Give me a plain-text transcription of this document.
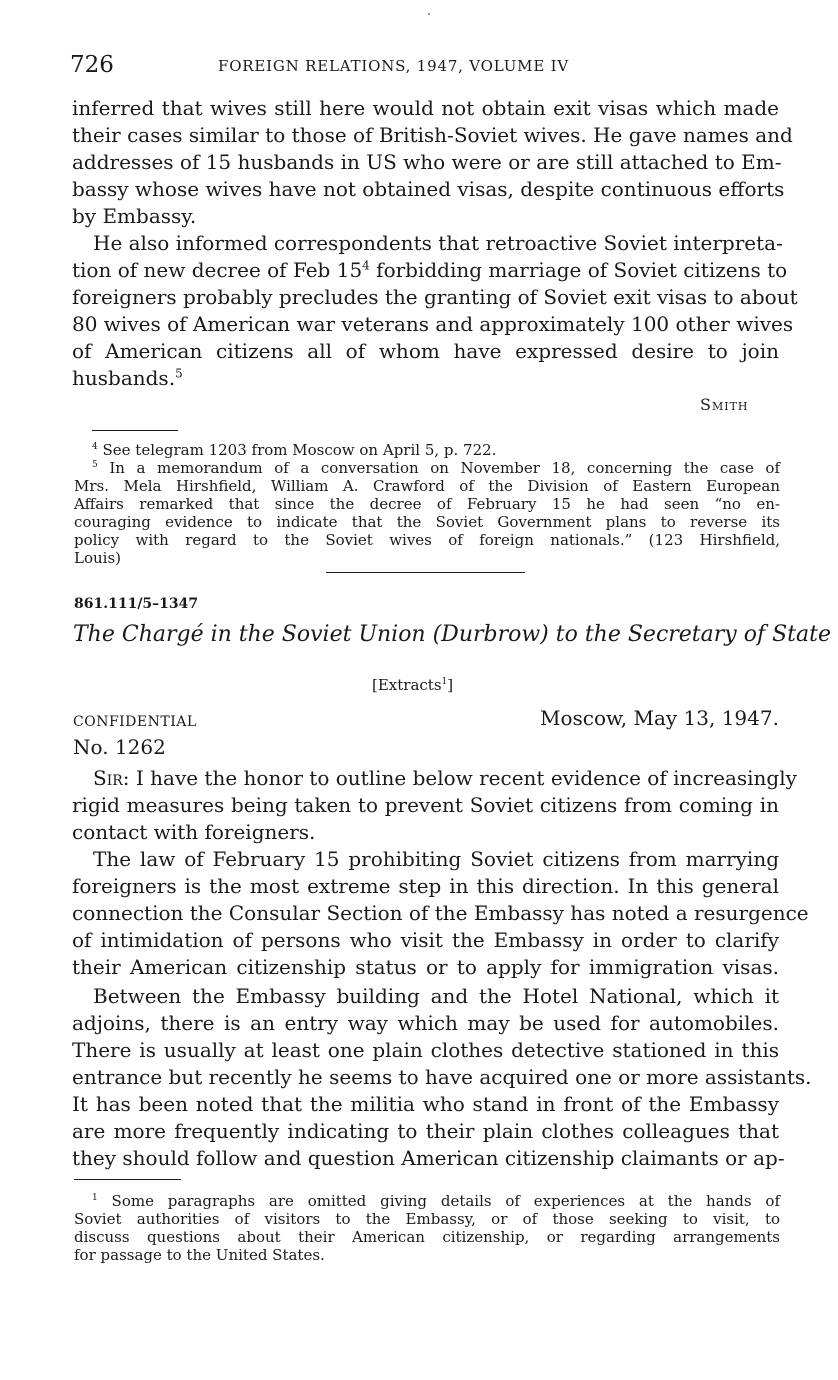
726	FOREIGN RELATIONS, 1947, VOLUME IV
inferred that wives still here would not obtain exit visas which made
their cases similar to those of British-Soviet wives. He gave names and
addresses of 15 husbands in US who were or are still attached to Em-
bassy whose wives have not obtained visas, despite continuous efforts
by Embassy.
He also informed correspondents that retroactive Soviet interpreta-
tion of new decree of Feb $15^4$ forbidding marriage of Soviet citizens to
foreigners probably precludes the granting of Soviet exit visas to about
80 wives of American war veterans and approximately 100 other wives
of American citizens all of whom have expressed desire to join
husbands.$^5$
Smith
$^4$ See telegram 1203 from Moscow on April 5, p. 722.
$^5$ In a memorandum of a conversation on November 18, concerning the case of
Mrs. Mela Hirshfield, William A. Crawford of the Division of Eastern European
Affairs remarked that since the decree of February 15 he had seen “no en-
couraging evidence to indicate that the Soviet Government plans to reverse its
policy with regard to the Soviet wives of foreign nationals.” (123 Hirshfield,
Louis)
861.111/5–1347
The Chargé in the Soviet Union (Durbrow) to the Secretary of State
[Extracts$^1$]
CONFIDENTIAL	Moscow, May 13, 1947.
No. 1262
Sir: I have the honor to outline below recent evidence of increasingly
rigid measures being taken to prevent Soviet citizens from coming in
contact with foreigners.
The law of February 15 prohibiting Soviet citizens from marrying
foreigners is the most extreme step in this direction. In this general
connection the Consular Section of the Embassy has noted a resurgence
of intimidation of persons who visit the Embassy in order to clarify
their American citizenship status or to apply for immigration visas.
Between the Embassy building and the Hotel National, which it
adjoins, there is an entry way which may be used for automobiles.
There is usually at least one plain clothes detective stationed in this
entrance but recently he seems to have acquired one or more assistants.
It has been noted that the militia who stand in front of the Embassy
are more frequently indicating to their plain clothes colleagues that
they should follow and question American citizenship claimants or ap-
$^1$ Some paragraphs are omitted giving details of experiences at the hands of
Soviet authorities of visitors to the Embassy, or of those seeking to visit, to
discuss questions about their American citizenship, or regarding arrangements
for passage to the United States.
